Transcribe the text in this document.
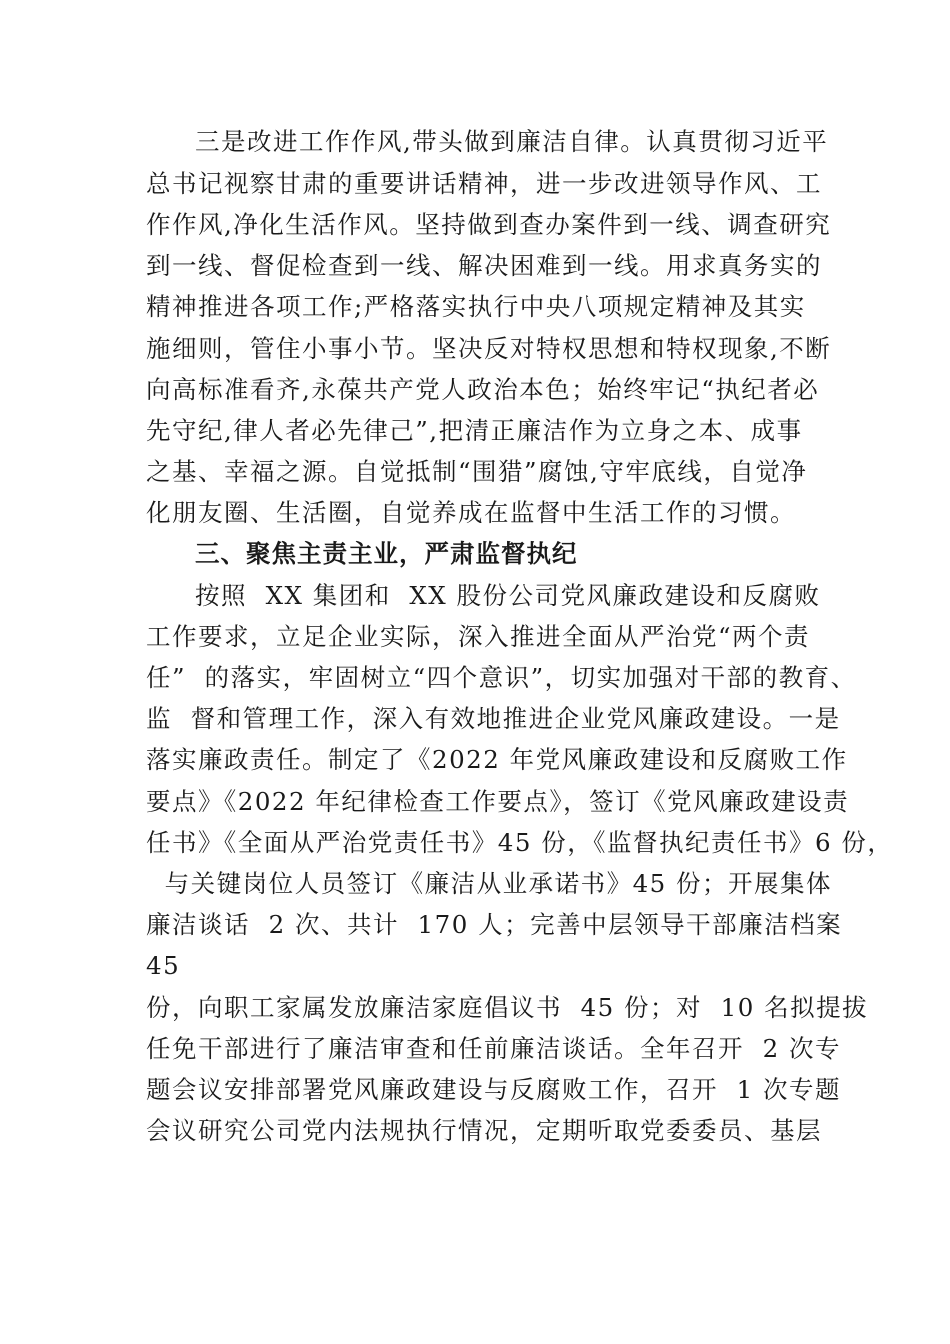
三是改进工作作风,带头做到廉洁自律。认真贯彻习近平
总书记视察甘肃的重要讲话精神，进一步改进领导作风、工
作作风,净化生活作风。坚持做到查办案件到一线、调查研究
到一线、督促检查到一线、解决困难到一线。用求真务实的
精神推进各项工作;严格落实执行中央八项规定精神及其实
施细则，管住小事小节。坚决反对特权思想和特权现象,不断
向高标准看齐,永葆共产党人政治本色；始终牢记“执纪者必
先守纪,律人者必先律己”,把清正廉洁作为立身之本、成事
之基、幸福之源。自觉抵制“围猎”腐蚀,守牢底线，自觉净
化朋友圈、生活圈，自觉养成在监督中生活工作的习惯。
三、聚焦主责主业，严肃监督执纪
按照  XX 集团和  XX 股份公司党风廉政建设和反腐败
工作要求，立足企业实际，深入推进全面从严治党“两个责
任”  的落实，牢固树立“四个意识”，切实加强对干部的教育、
监  督和管理工作，深入有效地推进企业党风廉政建设。一是
落实廉政责任。制定了《2022 年党风廉政建设和反腐败工作
要点》《2022 年纪律检查工作要点》，签订《党风廉政建设责
任书》《全面从严治党责任书》45 份，《监督执纪责任书》6 份，
与关键岗位人员签订《廉洁从业承诺书》45 份；开展集体
廉洁谈话  2 次、共计  170 人；完善中层领导干部廉洁档案
45
份，向职工家属发放廉洁家庭倡议书  45 份；对  10 名拟提拔
任免干部进行了廉洁审查和任前廉洁谈话。全年召开  2 次专
题会议安排部署党风廉政建设与反腐败工作，召开  1 次专题
会议研究公司党内法规执行情况，定期听取党委委员、基层
